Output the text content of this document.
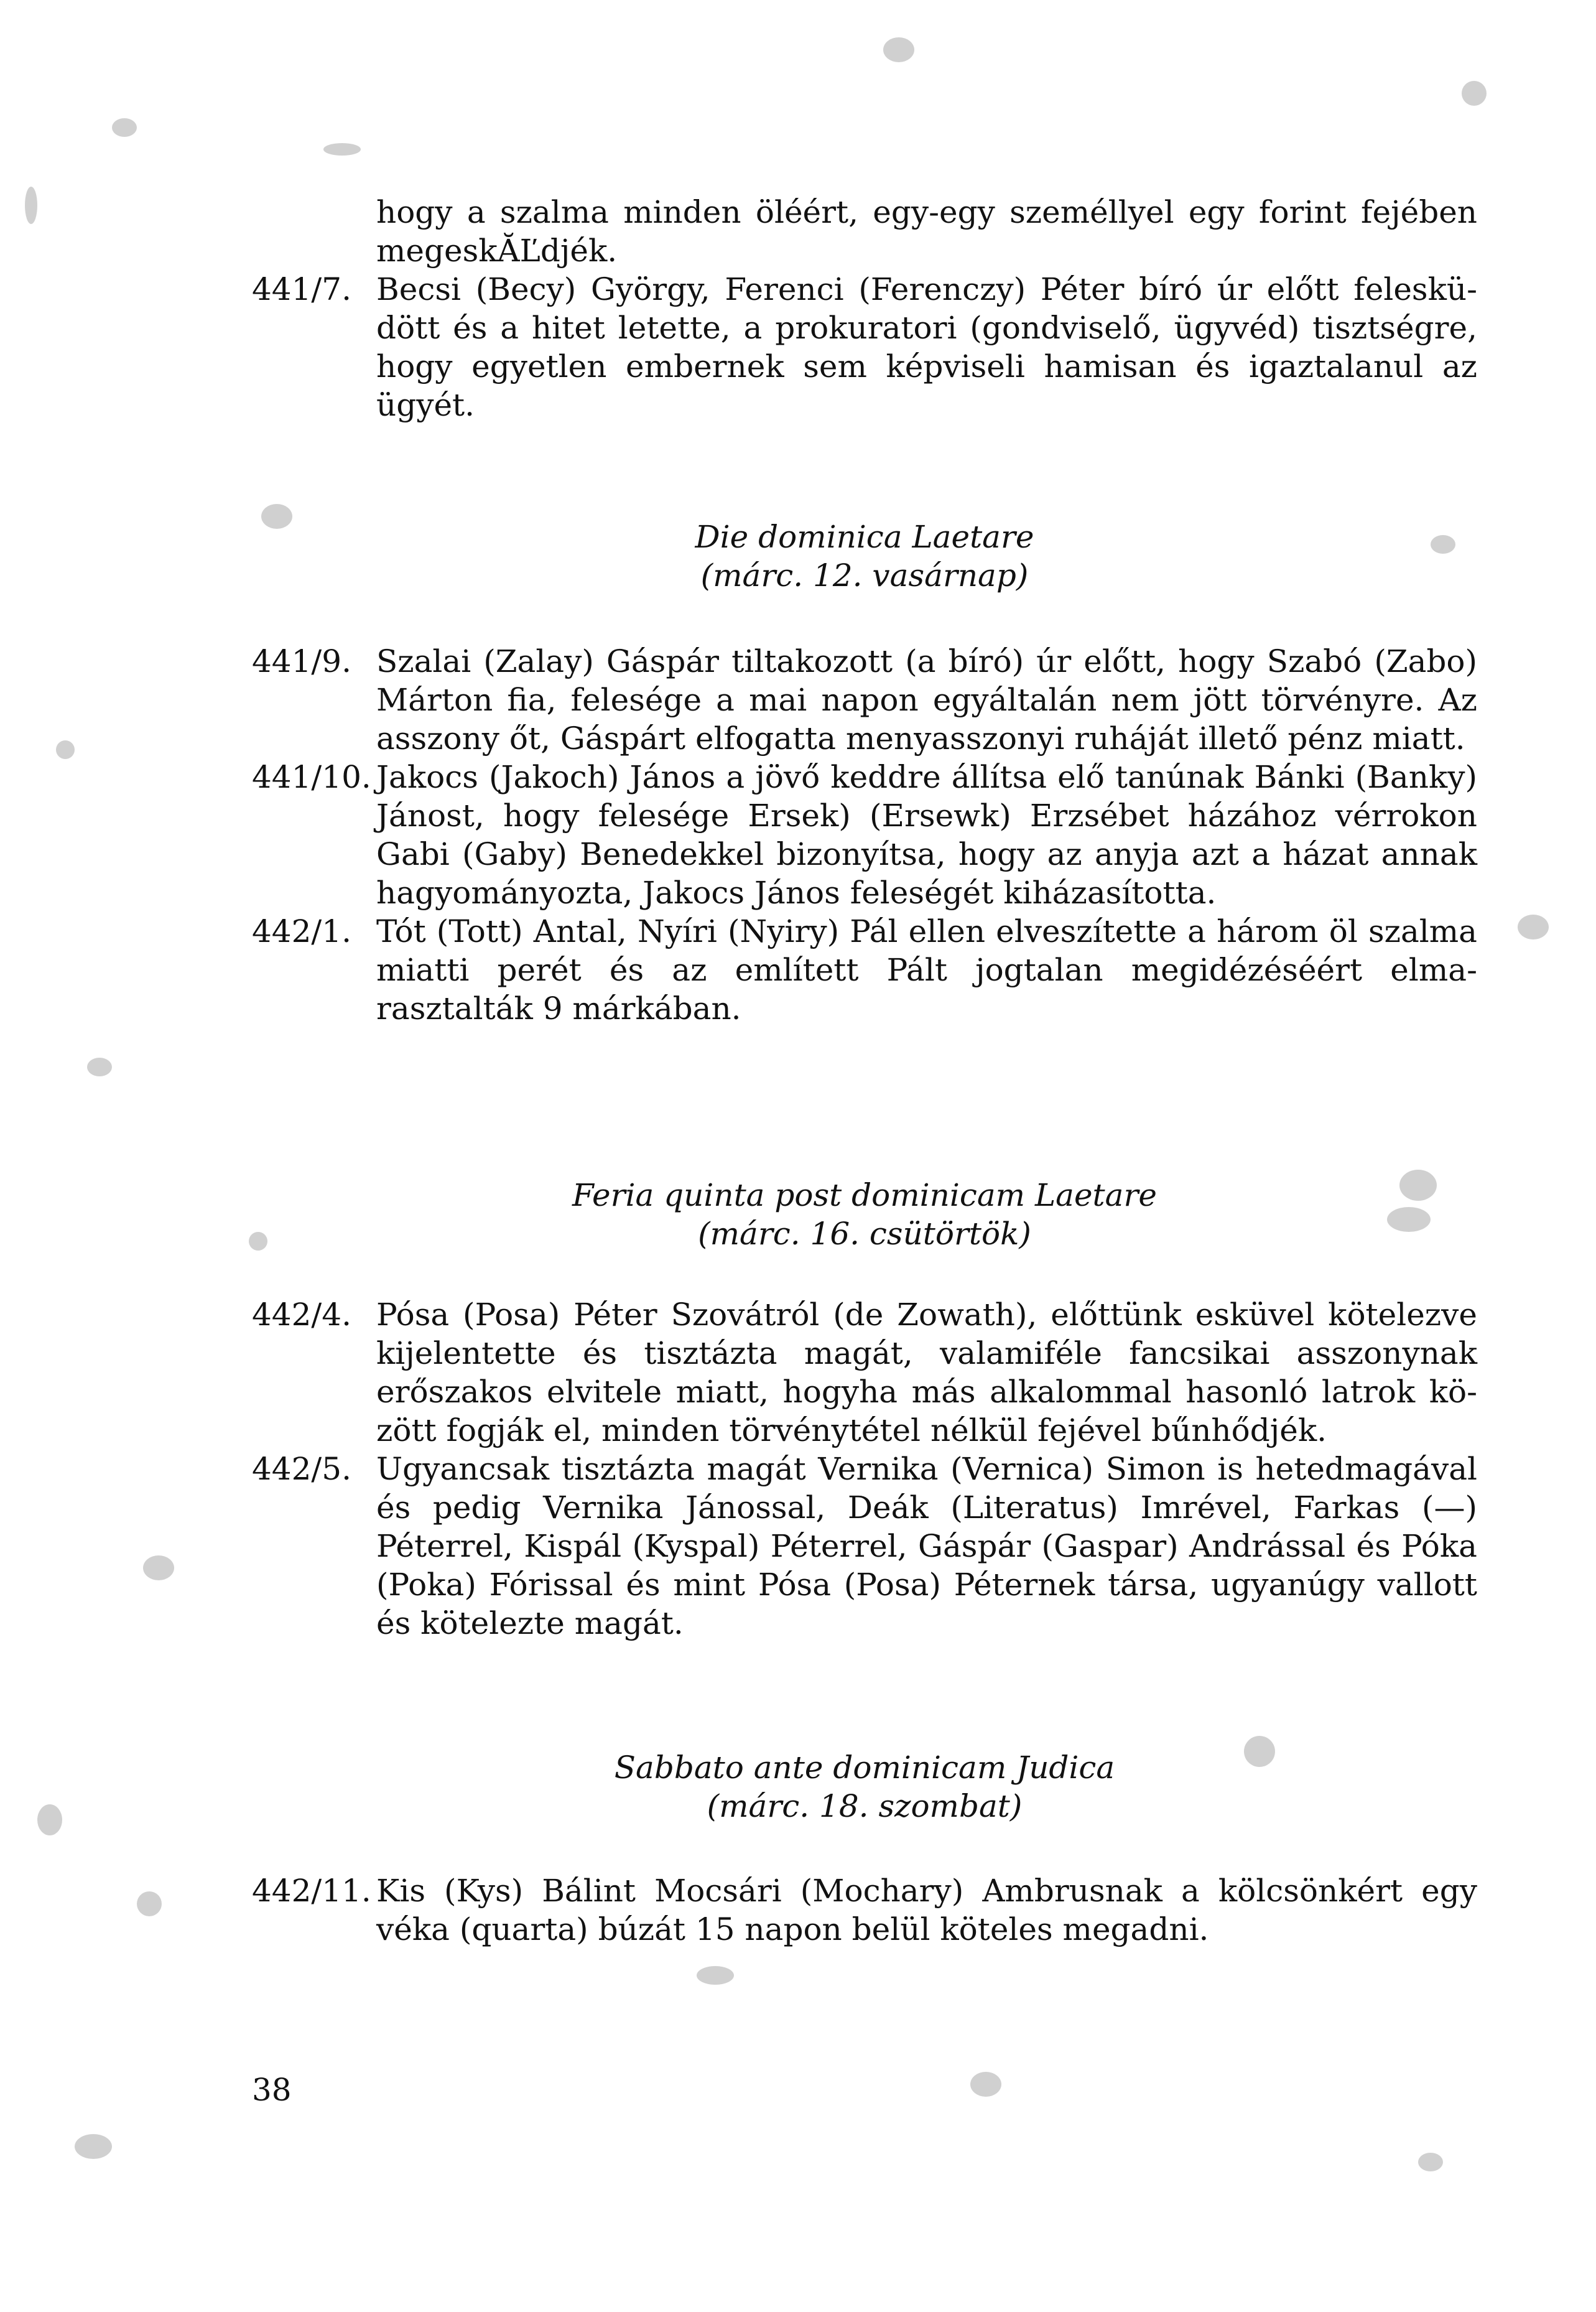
hogy a szalma minden öléért, egy-egy személlyel egy forint fejében megeskĂĽdjék.

441/7. Becsi (Becy) György, Ferenci (Ferenczy) Péter bíró úr előtt felesküdött és a hitet letette, a prokuratori (gondviselő, ügyvéd) tisztségre, hogy egyetlen embernek sem képviseli hamisan és igaztalanul az ügyét.
Die dominica Laetare
(márc. 12. vasárnap)
441/9. Szalai (Zalay) Gáspár tiltakozott (a bíró) úr előtt, hogy Szabó (Zabo) Márton fia, felesége a mai napon egyáltalán nem jött törvényre. Az asszony őt, Gáspárt elfogatta menyasszonyi ruháját illető pénz miatt.
441/10. Jakocs (Jakoch) János a jövő keddre állítsa elő tanúnak Bánki (Banky) Jánost, hogy felesége Ersek) (Ersewk) Erzsébet házához vérrokon Gabi (Gaby) Benedekkel bizonyítsa, hogy az anyja azt a házat annak hagyományozta, Jakocs János feleségét kiházasította.
442/1. Tót (Tott) Antal, Nyíri (Nyiry) Pál ellen elveszítette a három öl szalma miatti perét és az említett Pált jogtalan megidézéséért elmarasztalták 9 márkában.
Feria quinta post dominicam Laetare
(márc. 16. csütörtök)
442/4. Pósa (Posa) Péter Szovátról (de Zowath), előttünk esküvel kötelezve kijelentette és tisztázta magát, valamiféle fancsikai asszonynak erőszakos elvitele miatt, hogyha más alkalommal hasonló latrok között fogják el, minden törvénytétel nélkül fejével bűnhődjék.
442/5. Ugyancsak tisztázta magát Vernika (Vernica) Simon is hetedmagával és pedig Vernika Jánossal, Deák (Literatus) Imrével, Farkas (—) Péterrel, Kispál (Kyspal) Péterrel, Gáspár (Gaspar) Andrással és Póka (Poka) Fórissal és mint Pósa (Posa) Péternek társa, ugyanúgy vallott és kötelezte magát.
Sabbato ante dominicam Judica
(márc. 18. szombat)
442/11. Kis (Kys) Bálint Mocsári (Mochary) Ambrusnak a kölcsönkért egy véka (quarta) búzát 15 napon belül köteles megadni.
38
